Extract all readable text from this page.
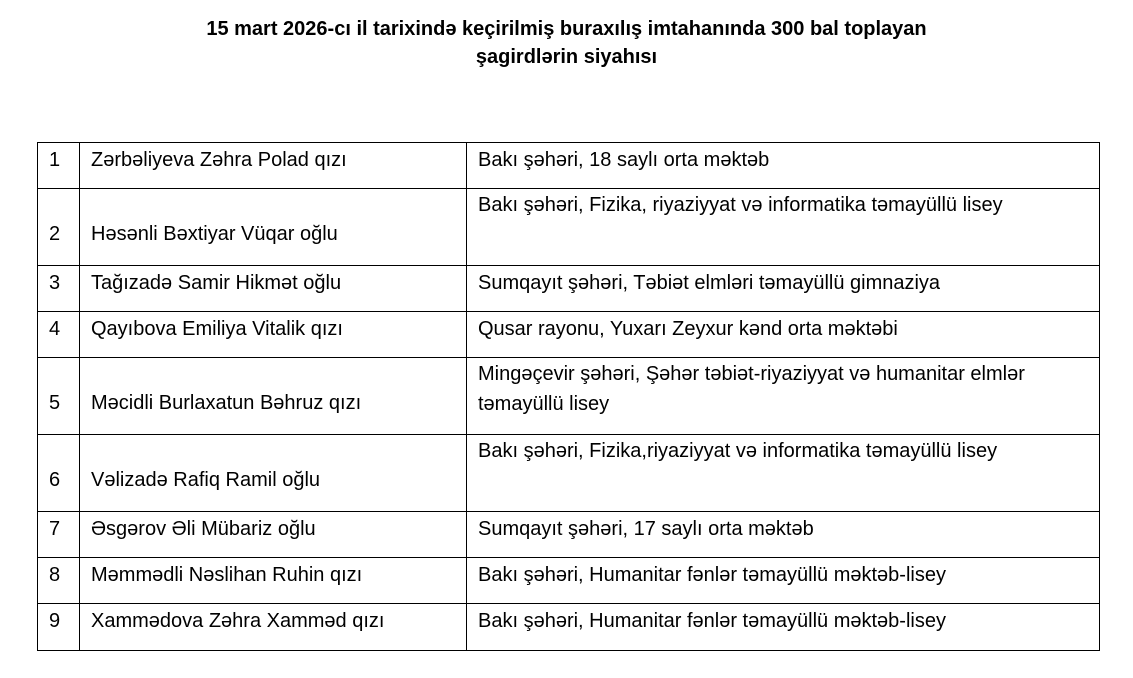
15 mart 2026-cı il tarixində keçirilmiş buraxılış imtahanında 300 bal toplayan
şagirdlərin siyahısı
1	Zərbəliyeva Zəhra Polad qızı	Bakı şəhəri, 18 saylı orta məktəb
2	Həsənli Bəxtiyar Vüqar oğlu	Bakı şəhəri, Fizika, riyaziyyat və informatika təmayüllü lisey
3	Tağızadə Samir Hikmət oğlu	Sumqayıt şəhəri, Təbiət elmləri təmayüllü gimnaziya
4	Qayıbova Emiliya Vitalik qızı	Qusar rayonu, Yuxarı Zeyxur kənd orta məktəbi
5	Məcidli Burlaxatun Bəhruz qızı	Mingəçevir şəhəri, Şəhər təbiət-riyaziyyat və humanitar elmlər təmayüllü lisey
6	Vəlizadə Rafiq Ramil oğlu	Bakı şəhəri, Fizika,riyaziyyat və informatika təmayüllü lisey
7	Əsgərov Əli Mübariz oğlu	Sumqayıt şəhəri, 17 saylı orta məktəb
8	Məmmədli Nəslihan Ruhin qızı	Bakı şəhəri, Humanitar fənlər təmayüllü məktəb-lisey
9	Xammədova Zəhra Xamməd qızı	Bakı şəhəri, Humanitar fənlər təmayüllü məktəb-lisey
